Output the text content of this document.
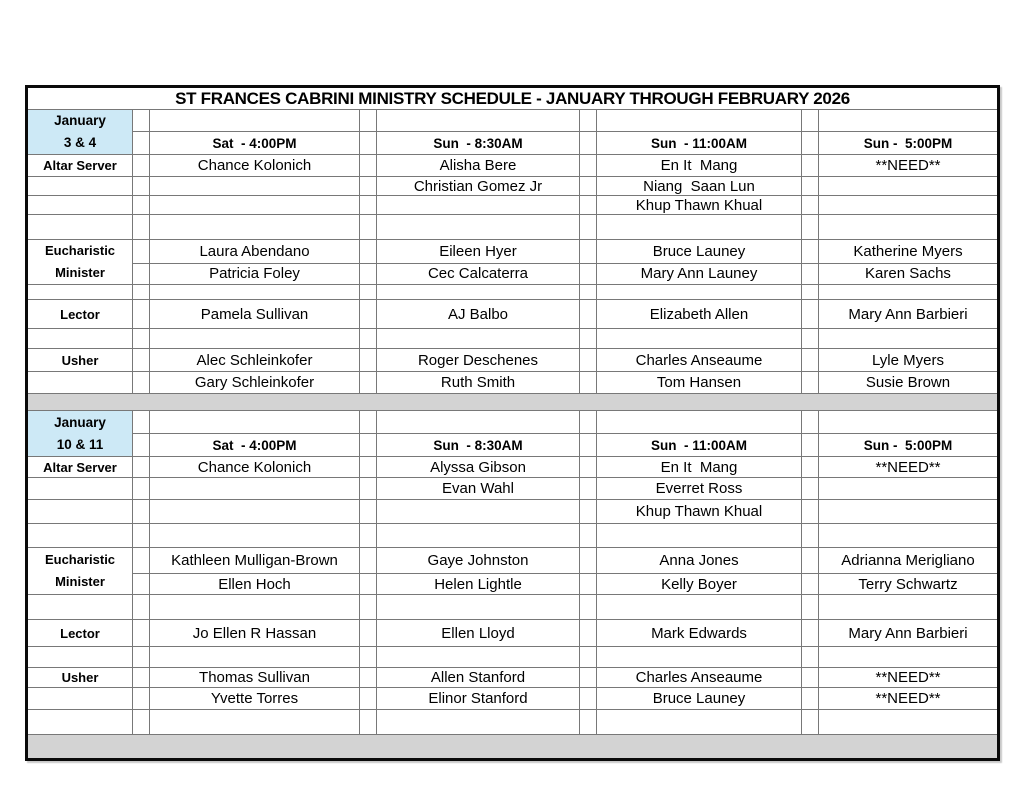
ST FRANCES CABRINI MINISTRY SCHEDULE - JANUARY THROUGH FEBRUARY 2026								

January
3 & 4								

		Sat  - 4:00PM		Sun  - 8:30AM		Sun  - 11:00AM		Sun -  5:00PM
Altar Server		Chance Kolonich		Alisha Bere		En It  Mang		**NEED**
				Christian Gomez Jr		Niang  Saan Lun		
						Khup Thawn Khual		

Eucharistic
Minister		Laura Abendano		Eileen Hyer		Bruce Launey		Katherine Myers
		Patricia Foley		Cec Calcaterra		Mary Ann Launey		Karen Sachs

Lector		Pamela Sullivan		AJ Balbo		Elizabeth Allen		Mary Ann Barbieri

Usher		Alec Schleinkofer		Roger Deschenes		Charles Anseaume		Lyle Myers
		Gary Schleinkofer		Ruth Smith		Tom Hansen		Susie Brown

January
10 & 11								

		Sat  - 4:00PM		Sun  - 8:30AM		Sun  - 11:00AM		Sun -  5:00PM
Altar Server		Chance Kolonich		Alyssa Gibson		En It  Mang		**NEED**
				Evan Wahl		Everret Ross		
						Khup Thawn Khual		

Eucharistic
Minister		Kathleen Mulligan-Brown		Gaye Johnston		Anna Jones		Adrianna Merigliano
		Ellen Hoch		Helen Lightle		Kelly Boyer		Terry Schwartz

Lector		Jo Ellen R Hassan		Ellen Lloyd		Mark Edwards		Mary Ann Barbieri

Usher		Thomas Sullivan		Allen Stanford		Charles Anseaume		**NEED**
		Yvette Torres		Elinor Stanford		Bruce Launey		**NEED**
